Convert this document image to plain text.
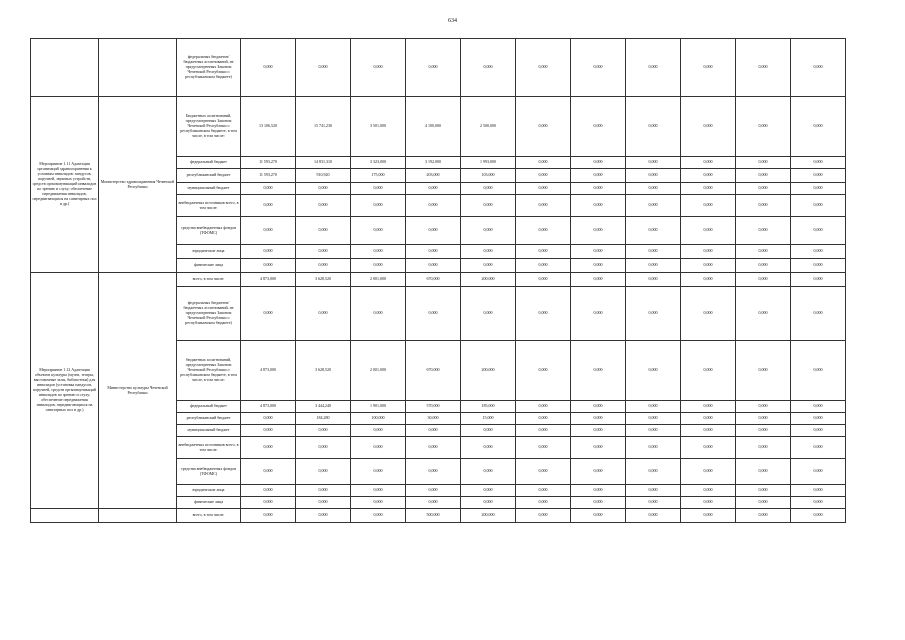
634
		федеральных бюджетов/бюджетных ассигнований, не предусмотренных Законом Чеченской Республики о республиканском бюджете)	0,000	0,000	0,000	0,000	0,000	0,000	0,000	0,000	0,000	0,000	0,000
Мероприятие 1.11 Адаптация организаций здравоохранения к условиям инвалидов: пандусов, поручней, звуковых устройств, средств оргкоммуникаций инвалидов по зрению и слуху; обеспечение передвижения инвалидов, передвигающихся на санитарных пол и др.)	Министерство здравоохранения Чеченской Республики	Бюджетных ассигнований, предусмотренных Законом Чеченской Республики о республиканском бюджете, в том числе, в том числе:	13 106,520	15 741,230	3 501,000	4 100,000	2 500,000	0,000	0,000	0,000	0,000	0,000	0,000
		федеральный бюджет	11 593,270	14 831,310	3 323,000	3 192,000	1 993,000	0,000	0,000	0,000	0,000	0,000	0,000
		республиканский бюджет	11 593,270	910,920	175,000	203,000	103,000	0,000	0,000	0,000	0,000	0,000	0,000
		муниципальный бюджет	0,000	0,000	0,000	0,000	0,000	0,000	0,000	0,000	0,000	0,000	0,000
		внебюджетных источников всего, в том числе:	0,000	0,000	0,000	0,000	0,000	0,000	0,000	0,000	0,000	0,000	0,000
		средства внебюджетных фондов (ТФОМС)	0,000	0,000	0,000	0,000	0,000	0,000	0,000	0,000	0,000	0,000	0,000
		юридические лица	0,000	0,000	0,000	0,000	0,000	0,000	0,000	0,000	0,000	0,000	0,000
		физические лица	0,000	0,000	0,000	0,000	0,000	0,000	0,000	0,000	0,000	0,000	0,000
Мероприятие 1.12 Адаптация объектов культуры (музеи, театры, выставочные залы, библиотеки) для инвалидов (установка пандусов, поручней, средств оргкоммуникаций инвалидов по зрению и слуху; обеспечение передвижения инвалидов, передвигающихся на санитарных пол и др.)	Министерство культуры Чеченской Республики	всего, в том числе:	4 873,000	3 628,520	2 001,000	670,000	200,000	0,000	0,000	0,000	0,000	0,000	0,000
		федеральных бюджетов/бюджетных ассигнований, не предусмотренных Законом Чеченской Республики о республиканском бюджете)	0,000	0,000	0,000	0,000	0,000	0,000	0,000	0,000	0,000	0,000	0,000
		бюджетных ассигнований, предусмотренных Законом Чеченской Республики о республиканском бюджете, в том числе, в том числе:	4 873,000	3 628,520	2 001,000	670,000	200,000	0,000	0,000	0,000	0,000	0,000	0,000
		федеральный бюджет	4 873,000	3 444,240	1 901,000	570,000	185,000	0,000	0,000	0,000	0,000	0,000	0,000
		республиканский бюджет	0,000	184,280	100,000	30,000	15,000	0,000	0,000	0,000	0,000	0,000	0,000
		муниципальный бюджет	0,000	0,000	0,000	0,000	0,000	0,000	0,000	0,000	0,000	0,000	0,000
		внебюджетных источников всего, в том числе:	0,000	0,000	0,000	0,000	0,000	0,000	0,000	0,000	0,000	0,000	0,000
		средства внебюджетных фондов (ТФОМС)	0,000	0,000	0,000	0,000	0,000	0,000	0,000	0,000	0,000	0,000	0,000
		юридические лица	0,000	0,000	0,000	0,000	0,000	0,000	0,000	0,000	0,000	0,000	0,000
		физические лица	0,000	0,000	0,000	0,000	0,000	0,000	0,000	0,000	0,000	0,000	0,000
		всего, в том числе:	0,000	0,000	0,000	500,000	200,000	0,000	0,000	0,000	0,000	0,000	0,000
